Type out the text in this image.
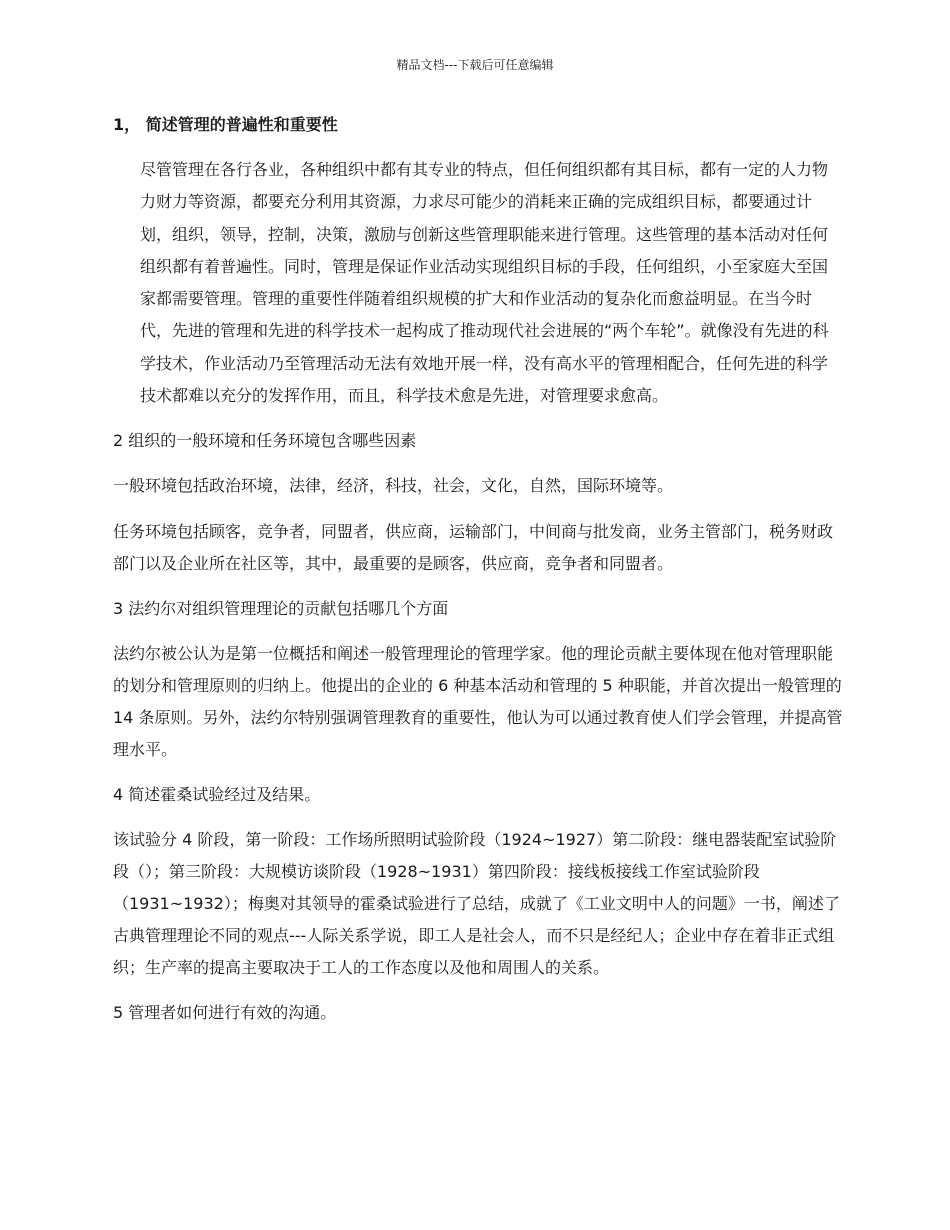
精品文档---下载后可任意编辑
1， 简述管理的普遍性和重要性
尽管管理在各行各业，各种组织中都有其专业的特点，但任何组织都有其目标，都有一定的人力物力财力等资源，都要充分利用其资源，力求尽可能少的消耗来正确的完成组织目标，都要通过计划，组织，领导，控制，决策，激励与创新这些管理职能来进行管理。这些管理的基本活动对任何组织都有着普遍性。同时，管理是保证作业活动实现组织目标的手段，任何组织，小至家庭大至国家都需要管理。管理的重要性伴随着组织规模的扩大和作业活动的复杂化而愈益明显。在当今时代，先进的管理和先进的科学技术一起构成了推动现代社会进展的“两个车轮”。就像没有先进的科学技术，作业活动乃至管理活动无法有效地开展一样，没有高水平的管理相配合，任何先进的科学技术都难以充分的发挥作用，而且，科学技术愈是先进，对管理要求愈高。
2 组织的一般环境和任务环境包含哪些因素
一般环境包括政治环境，法律，经济，科技，社会，文化，自然，国际环境等。
任务环境包括顾客，竞争者，同盟者，供应商，运输部门，中间商与批发商，业务主管部门，税务财政部门以及企业所在社区等，其中，最重要的是顾客，供应商，竞争者和同盟者。
3 法约尔对组织管理理论的贡献包括哪几个方面
法约尔被公认为是第一位概括和阐述一般管理理论的管理学家。他的理论贡献主要体现在他对管理职能的划分和管理原则的归纳上。他提出的企业的 6 种基本活动和管理的 5 种职能，并首次提出一般管理的 14 条原则。另外，法约尔特别强调管理教育的重要性，他认为可以通过教育使人们学会管理，并提高管理水平。
4 简述霍桑试验经过及结果。
该试验分 4 阶段，第一阶段：工作场所照明试验阶段（1924~1927）第二阶段：继电器装配室试验阶段（）；第三阶段：大规模访谈阶段（1928~1931）第四阶段：接线板接线工作室试验阶段（1931~1932）；梅奥对其领导的霍桑试验进行了总结，成就了《工业文明中人的问题》一书，阐述了古典管理理论不同的观点---人际关系学说，即工人是社会人，而不只是经纪人；企业中存在着非正式组织；生产率的提高主要取决于工人的工作态度以及他和周围人的关系。
5 管理者如何进行有效的沟通。
